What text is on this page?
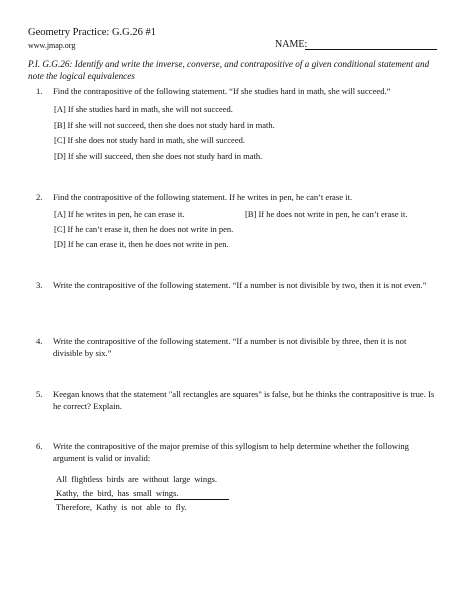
Geometry Practice: G.G.26 #1
www.jmap.org	NAME:
P.I. G.G.26: Identify and write the inverse, converse, and contrapositive of a given conditional statement and note the logical equivalences
1. Find the contrapositive of the following statement. “If she studies hard in math, she will succeed.”
[A] If she studies hard in math, she will not succeed.
[B] If she will not succeed, then she does not study hard in math.
[C] If she does not study hard in math, she will succeed.
[D] If she will succeed, then she does not study hard in math.
2. Find the contrapositive of the following statement. If he writes in pen, he can’t erase it.
[A] If he writes in pen, he can erase it.	[B] If he does not write in pen, he can’t erase it.
[C] If he can’t erase it, then he does not write in pen.
[D] If he can erase it, then he does not write in pen.
3. Write the contrapositive of the following statement. “If a number is not divisible by two, then it is not even.”
4. Write the contrapositive of the following statement. “If a number is not divisible by three, then it is not divisible by six.”
5. Keegan knows that the statement "all rectangles are squares" is false, but he thinks the contrapositive is true. Is he correct? Explain.
6. Write the contrapositive of the major premise of this syllogism to help determine whether the following argument is valid or invalid:
All flightless birds are without large wings.
Kathy, the bird, has small wings.
Therefore, Kathy is not able to fly.
